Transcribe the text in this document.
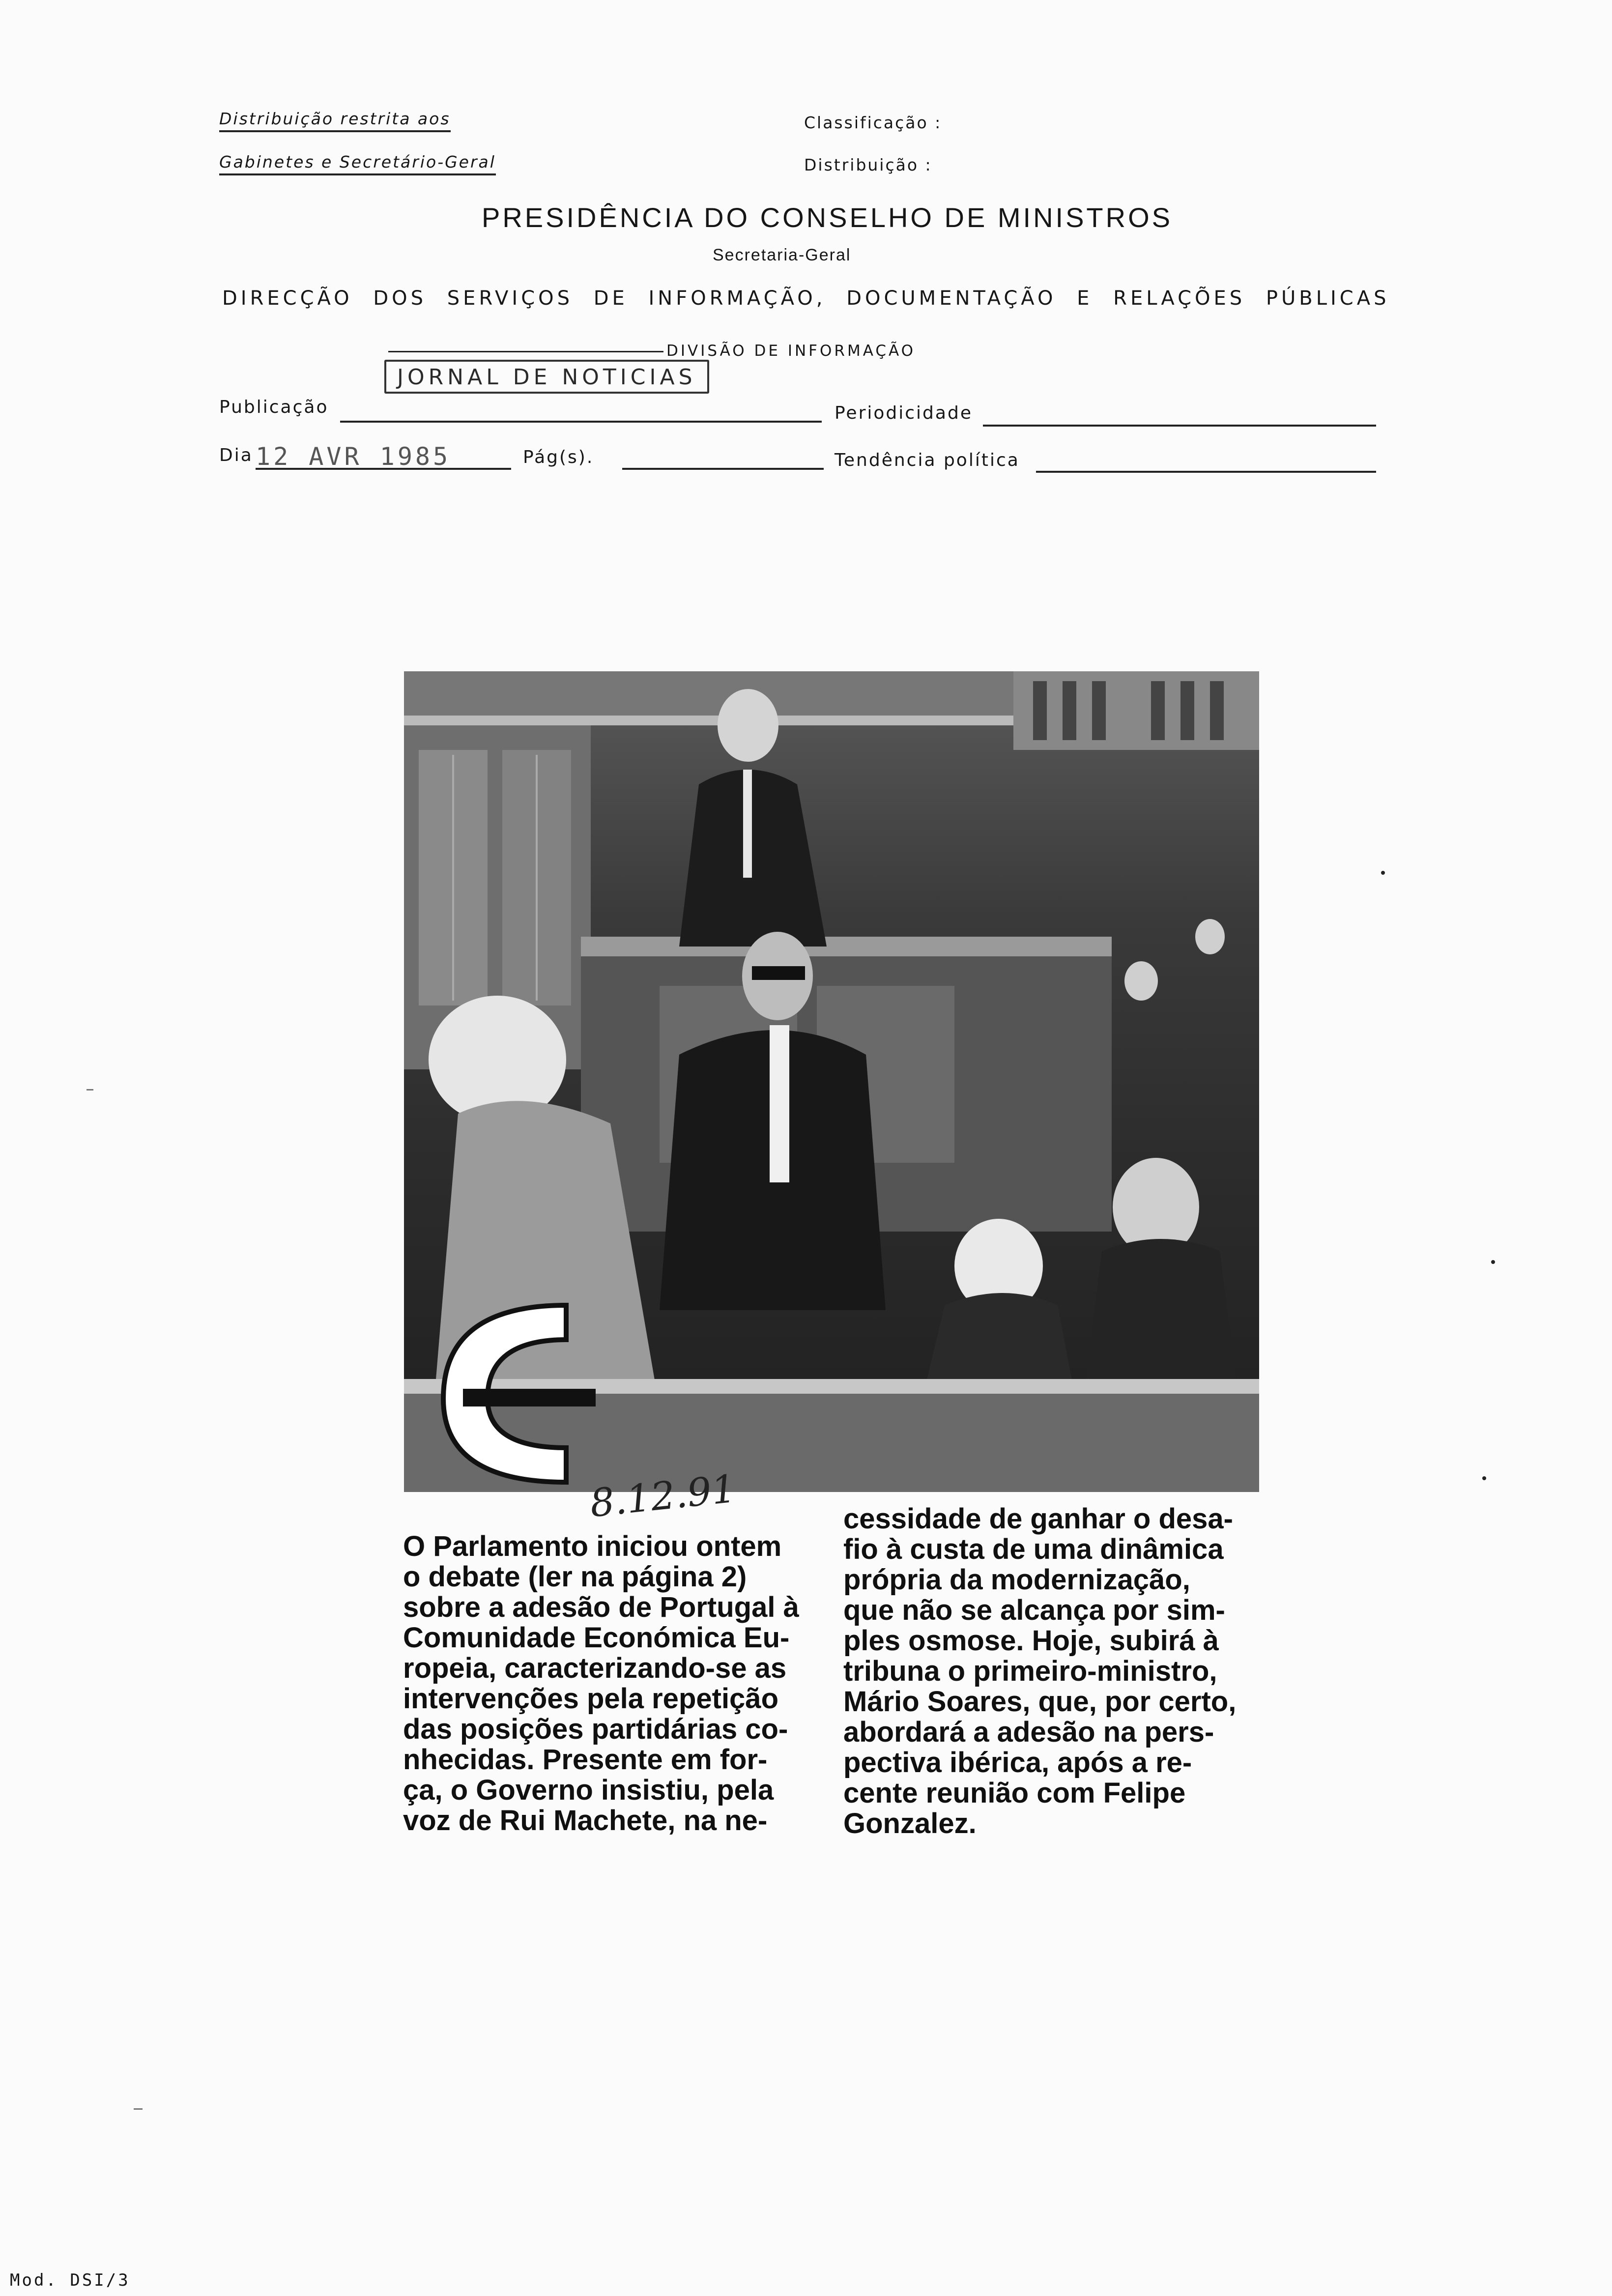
Distribuição restrita aos
Gabinetes e Secretário-Geral
Classificação :
Distribuição :
PRESIDÊNCIA DO CONSELHO DE MINISTROS
Secretaria-Geral
DIRECÇÃO DOS SERVIÇOS DE INFORMAÇÃO, DOCUMENTAÇÃO E RELAÇÕES PÚBLICAS
DIVISÃO DE INFORMAÇÃO
Publicação
JORNAL DE NOTICIAS
Periodicidade
Dia 12 AVR 1985	Pág(s).	Tendência política
8.12.91
O Parlamento iniciou ontem
o debate (ler na página 2)
sobre a adesão de Portugal à
Comunidade Económica Eu-
ropeia, caracterizando-se as
intervenções pela repetição
das posições partidárias co-
nhecidas. Presente em for-
ça, o Governo insistiu, pela
voz de Rui Machete, na ne-
cessidade de ganhar o desa-
fio à custa de uma dinâmica
própria da modernização,
que não se alcança por sim-
ples osmose. Hoje, subirá à
tribuna o primeiro-ministro,
Mário Soares, que, por certo,
abordará a adesão na pers-
pectiva ibérica, após a re-
cente reunião com Felipe
Gonzalez.
Mod. DSI/3
